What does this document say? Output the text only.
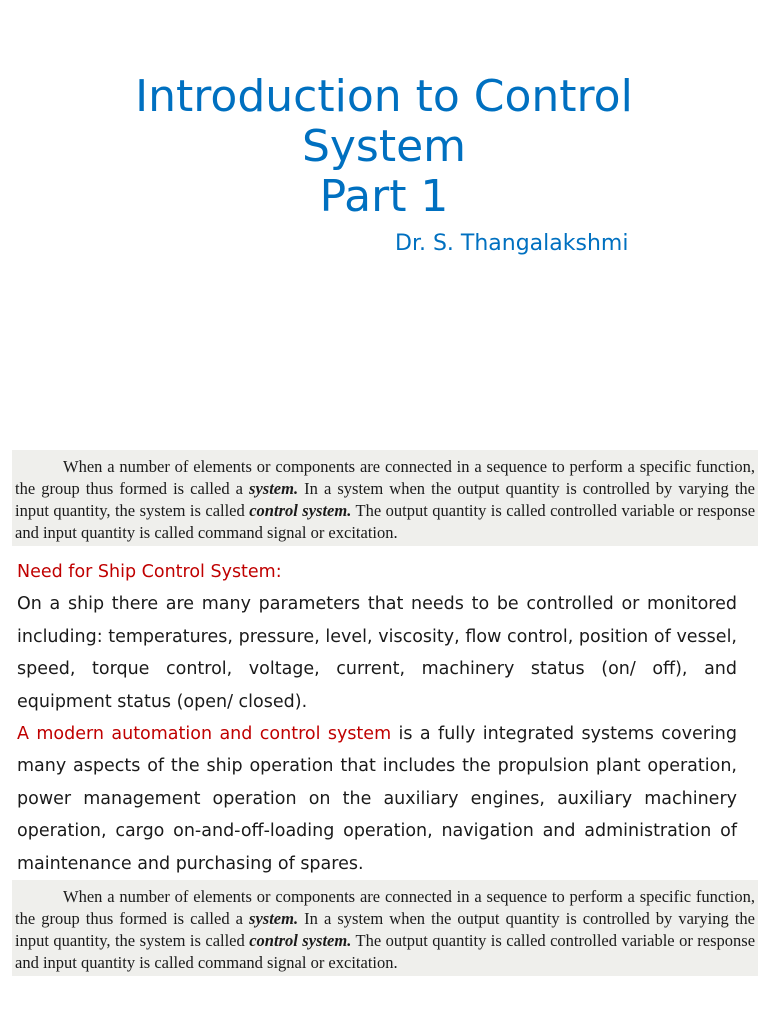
Introduction to Control
System
Part 1
Dr. S. Thangalakshmi

When a number of elements or components are connected in a sequence to perform a specific function, the group thus formed is called a system. In a system when the output quantity is controlled by varying the input quantity, the system is called control system. The output quantity is called controlled variable or response and input quantity is called command signal or excitation.

Need for Ship Control System:

On a ship there are many parameters that needs to be controlled or monitored including: temperatures, pressure, level, viscosity, flow control, position of vessel, speed, torque control, voltage, current, machinery status (on/ off), and equipment status (open/ closed).

A modern automation and control system is a fully integrated systems covering many aspects of the ship operation that includes the propulsion plant operation, power management operation on the auxiliary engines, auxiliary machinery operation, cargo on-and-off-loading operation, navigation and administration of maintenance and purchasing of spares.

When a number of elements or components are connected in a sequence to perform a specific function, the group thus formed is called a system. In a system when the output quantity is controlled by varying the input quantity, the system is called control system. The output quantity is called controlled variable or response and input quantity is called command signal or excitation.
